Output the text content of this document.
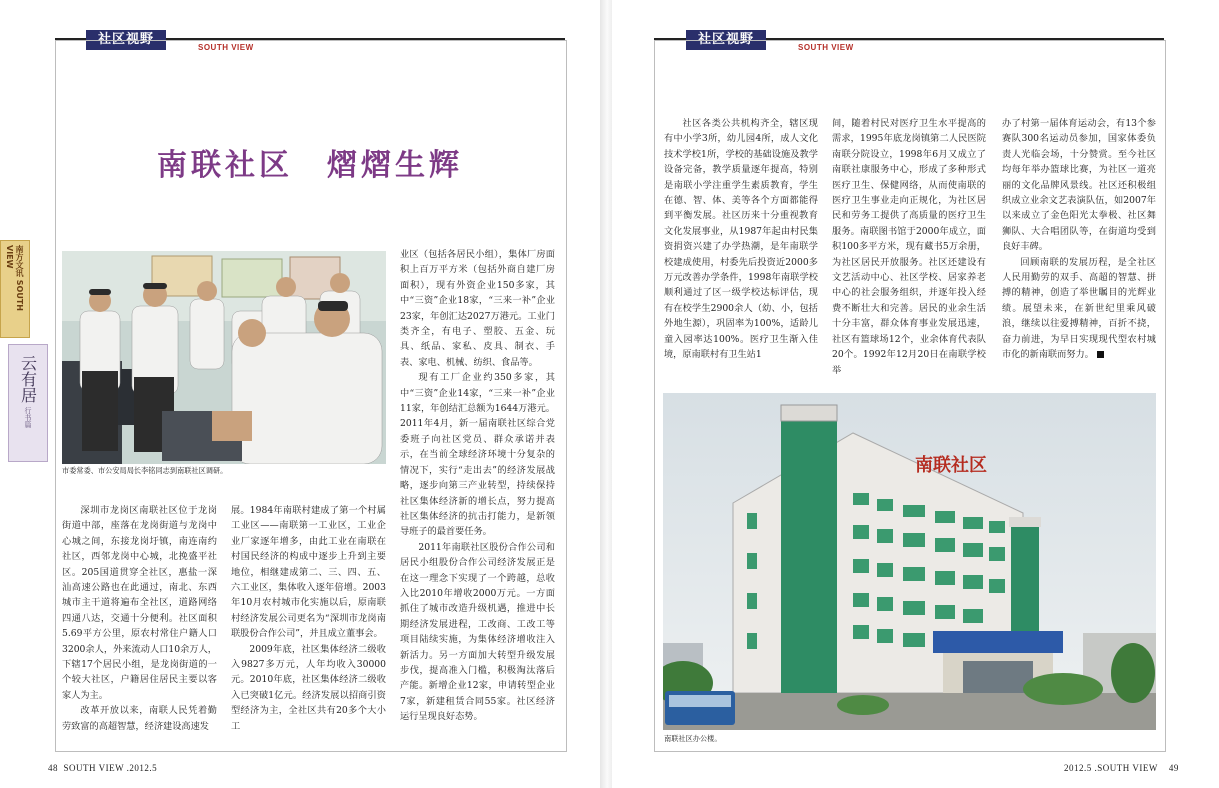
社区视野
SOUTH VIEW
南联社区　熠熠生辉
市委常委、市公安局局长李铭同志到南联社区调研。

业区（包括各居民小组），集体厂房面积上百万平方米（包括外商自建厂房面积），现有外资企业150多家，其中“三资”企业18家，“三来一补”企业23家，年创汇达2027万港元。工业门类齐全，有电子、塑胶、五金、玩具、纸品、家私、皮具、制衣、手表、家电、机械、纺织、食品等。

现有工厂企业约350多家，其中“三资”企业14家，“三来一补”企业11家，年创结汇总额为1644万港元。2011年4月，新一届南联社区综合党委班子向社区党员、群众承诺并表示，在当前全球经济环境十分复杂的情况下，实行“走出去”的经济发展战略，逐步向第三产业转型，持续保持社区集体经济新的增长点，努力提高社区集体经济的抗击打能力，是新领导班子的最首要任务。

2011年南联社区股份合作公司和居民小组股份合作公司经济发展正是在这一理念下实现了一个跨越，总收入比2010年增收2000万元。一方面抓住了城市改造升级机遇，推进中长期经济发展进程，工改商、工改工等项目陆续实施，为集体经济增收注入新活力。另一方面加大转型升级发展步伐，提高准入门槛，积极淘汰落后产能。新增企业12家，申请转型企业7家，新建租赁合同55家。社区经济运行呈现良好态势。

深圳市龙岗区南联社区位于龙岗街道中部，座落在龙岗街道与龙岗中心城之间，东接龙岗圩镇，南连南约社区，西邻龙岗中心城，北挽盛平社区。205国道贯穿全社区，惠盐一深汕高速公路也在此通过，南北、东西城市主干道将遍布全社区，道路网络四通八达，交通十分便利。社区面积5.69平方公里，原农村常住户籍人口3200余人，外来流动人口10余万人，下辖17个居民小组，是龙岗街道的一个较大社区，户籍居住居民主要以客家人为主。

改革开放以来，南联人民凭着勤劳致富的高超智慧，经济建设高速发

展。1984年南联村建成了第一个村属工业区——南联第一工业区，工业企业厂家逐年增多，由此工业在南联在村国民经济的构成中逐步上升到主要地位，相继建成第二、三、四、五、六工业区，集体收入逐年倍增。2003年10月农村城市化实施以后，原南联村经济发展公司更名为“深圳市龙岗南联股份合作公司”，并且成立董事会。

2009年底，社区集体经济二级收入9827多万元，人年均收入30000元。2010年底，社区集体经济二级收入已突破1亿元。经济发展以招商引资型经济为主，全社区共有20多个大小工

南方文讯 SOUTH VIEW
云有居
行书篇
48 SOUTH VIEW .2012.5
社区视野
SOUTH VIEW

社区各类公共机构齐全，辖区现有中小学3所，幼儿园4所，成人文化技术学校1所，学校的基础设施及教学设备完备，教学质量逐年提高，特别是南联小学注重学生素质教育，学生在德、智、体、美等各个方面都能得到平衡发展。社区历来十分重视教育文化发展事业，从1987年起由村民集资捐资兴建了办学热潮，是年南联学校建成使用，村委先后投资近2000多万元改善办学条件，1998年南联学校顺利通过了区一级学校达标评估，现有在校学生2900余人（幼、小，包括外地生源），巩固率为100%，适龄儿童入园率达100%。医疗卫生渐入佳境，原南联村有卫生站1

间，随着村民对医疗卫生水平提高的需求，1995年底龙岗镇第二人民医院南联分院设立，1998年6月又成立了南联社康服务中心，形成了多种形式医疗卫生、保健网络，从而使南联的医疗卫生事业走向正规化，为社区居民和劳务工提供了高质量的医疗卫生服务。南联图书馆于2000年成立，面积100多平方米，现有藏书5万余册，为社区居民开放服务。社区还建设有文艺活动中心、社区学校、居家养老中心的社会服务组织，并逐年投入经费不断壮大和完善。居民的业余生活十分丰富，群众体育事业发展迅速，社区有篮球场12个，业余体育代表队20个。1992年12月20日在南联学校举

办了村第一届体育运动会，有13个参赛队300名运动员参加，国家体委负责人光临会场，十分赞赏。至今社区均每年举办篮球比赛，为社区一道亮丽的文化品牌风景线。社区还积极组织成立业余文艺表演队伍，如2007年以来成立了金色阳光太拳极、社区舞狮队、大合唱团队等，在街道均受到良好丰碑。

回顾南联的发展历程，是全社区人民用勤劳的双手、高超的智慧、拼搏的精神，创造了举世瞩目的光辉业绩。展望未来，在新世纪里乘风破浪，继续以往爱搏精神，百折不挠，奋力前进，为早日实现现代型农村城市化的新南联而努力。

南联社区
南联社区办公楼。
2012.5 .SOUTH VIEW 49
